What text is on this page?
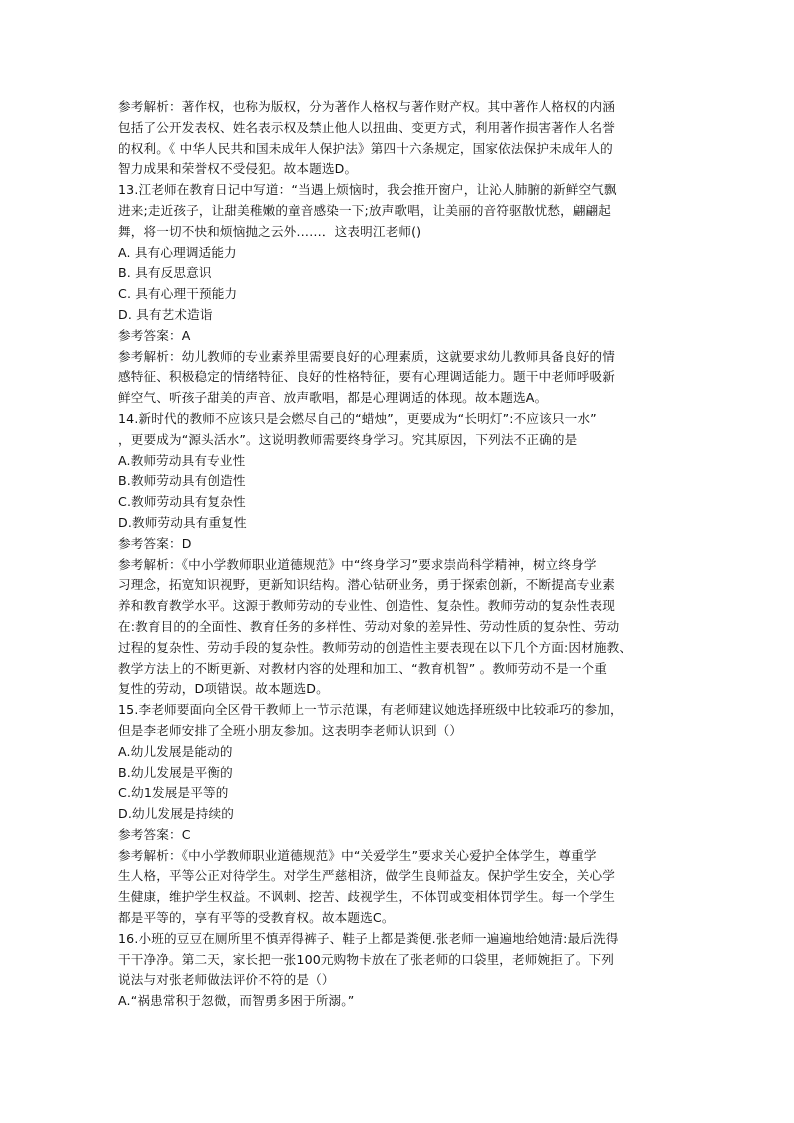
参考解析：著作权，也称为版权，分为著作人格权与著作财产权。其中著作人格权的内涵
包括了公开发表权、姓名表示权及禁止他人以扭曲、变更方式，利用著作损害著作人名誉
的权利。《 中华人民共和国未成年人保护法》第四十六条规定，国家依法保护未成年人的
智力成果和荣誉权不受侵犯。故本题选D。
13.江老师在教育日记中写道：“当遇上烦恼时，我会推开窗户，让沁人肺腑的新鲜空气飘
进来;走近孩子，让甜美稚嫩的童音感染一下;放声歌唱，让美丽的音符驱散忧愁，翩翩起
舞，将一切不快和烦恼抛之云外……．这表明江老师()
A. 具有心理调适能力
B. 具有反思意识
C. 具有心理干预能力
D. 具有艺术造诣
参考答案：A
参考解析：幼儿教师的专业素养里需要良好的心理素质，这就要求幼儿教师具备良好的情
感特征、积极稳定的情绪特征、良好的性格特征，要有心理调适能力。题干中老师呼吸新
鲜空气、听孩子甜美的声音、放声歌唱，都是心理调适的体现。故本题选A。
14.新时代的教师不应该只是会燃尽自己的“蜡烛”，更要成为“长明灯”:不应该只一水”
，更要成为“源头活水”。这说明教师需要终身学习。究其原因，下列法不正确的是
A.教师劳动具有专业性
B.教师劳动具有创造性
C.教师劳动具有复杂性
D.教师劳动具有重复性
参考答案：D
参考解析：《中小学教师职业道德规范》中“终身学习”要求崇尚科学精神，树立终身学
习理念，拓宽知识视野，更新知识结构。潜心钻研业务，勇于探索创新，不断提高专业素
养和教育教学水平。这源于教师劳动的专业性、创造性、复杂性。教师劳动的复杂性表现
在:教育目的的全面性、教育任务的多样性、劳动对象的差异性、劳动性质的复杂性、劳动
过程的复杂性、劳动手段的复杂性。教师劳动的创造性主要表现在以下几个方面:因材施教、
教学方法上的不断更新、对教材内容的处理和加工、“教育机智” 。教师劳动不是一个重
复性的劳动，D项错误。故本题选D。
15.李老师要面向全区骨干教师上一节示范课，有老师建议她选择班级中比较乖巧的参加，
但是李老师安排了全班小朋友参加。这表明李老师认识到（）
A.幼儿发展是能动的
B.幼儿发展是平衡的
C.幼1发展是平等的
D.幼儿发展是持续的
参考答案：C
参考解析：《中小学教师职业道德规范》中“关爱学生”要求关心爱护全体学生，尊重学
生人格，平等公正对待学生。对学生严慈相济，做学生良师益友。保护学生安全，关心学
生健康，维护学生权益。不讽刺、挖苦、歧视学生，不体罚或变相体罚学生。每一个学生
都是平等的，享有平等的受教育权。故本题选C。
16.小班的豆豆在厕所里不慎弄得裤子、鞋子上都是粪便.张老师一遍遍地给她清:最后洗得
干干净净。第二天，家长把一张100元购物卡放在了张老师的口袋里，老师婉拒了。下列
说法与对张老师做法评价不符的是（）
A.“祸患常积于忽微，而智勇多困于所溺。”
